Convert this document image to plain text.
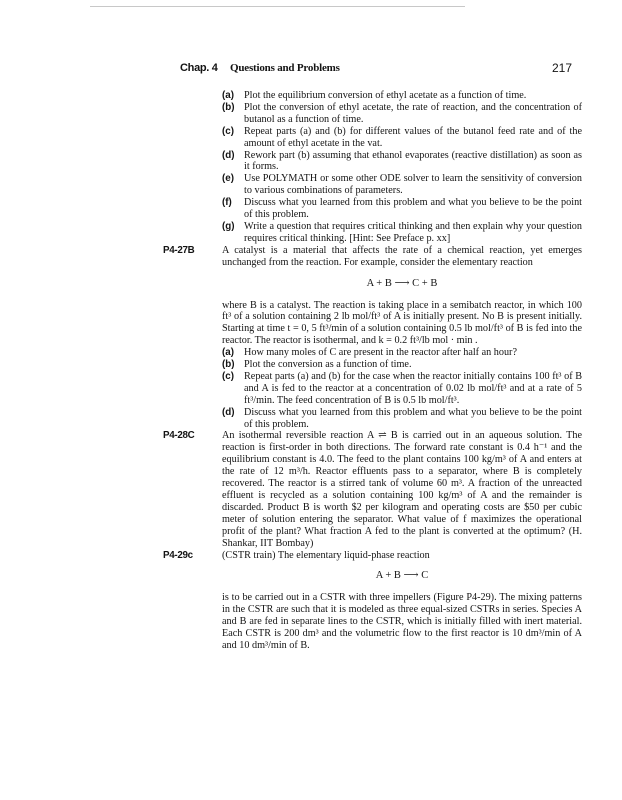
Chap. 4 Questions and Problems	217
(a) Plot the equilibrium conversion of ethyl acetate as a function of time.
(b) Plot the conversion of ethyl acetate, the rate of reaction, and the concentration of butanol as a function of time.
(c) Repeat parts (a) and (b) for different values of the butanol feed rate and of the amount of ethyl acetate in the vat.
(d) Rework part (b) assuming that ethanol evaporates (reactive distillation) as soon as it forms.
(e) Use POLYMATH or some other ODE solver to learn the sensitivity of conversion to various combinations of parameters.
(f) Discuss what you learned from this problem and what you believe to be the point of this problem.
(g) Write a question that requires critical thinking and then explain why your question requires critical thinking. [Hint: See Preface p. xx]
P4-27B	A catalyst is a material that affects the rate of a chemical reaction, yet emerges unchanged from the reaction. For example, consider the elementary reaction
A + B ⟶ C + B
where B is a catalyst. The reaction is taking place in a semibatch reactor, in which 100 ft³ of a solution containing 2 lb mol/ft³ of A is initially present. No B is present initially. Starting at time t = 0, 5 ft³/min of a solution containing 0.5 lb mol/ft³ of B is fed into the reactor. The reactor is isothermal, and k = 0.2 ft³/lb mol · min .
(a) How many moles of C are present in the reactor after half an hour?
(b) Plot the conversion as a function of time.
(c) Repeat parts (a) and (b) for the case when the reactor initially contains 100 ft³ of B and A is fed to the reactor at a concentration of 0.02 lb mol/ft³ and at a rate of 5 ft³/min. The feed concentration of B is 0.5 lb mol/ft³.
(d) Discuss what you learned from this problem and what you believe to be the point of this problem.
P4-28C	An isothermal reversible reaction A ⇌ B is carried out in an aqueous solution. The reaction is first-order in both directions. The forward rate constant is 0.4 h⁻¹ and the equilibrium constant is 4.0. The feed to the plant contains 100 kg/m³ of A and enters at the rate of 12 m³/h. Reactor effluents pass to a separator, where B is completely recovered. The reactor is a stirred tank of volume 60 m³. A fraction of the unreacted effluent is recycled as a solution containing 100 kg/m³ of A and the remainder is discarded. Product B is worth $2 per kilogram and operating costs are $50 per cubic meter of solution entering the separator. What value of f maximizes the operational profit of the plant? What fraction A fed to the plant is converted at the optimum? (H. Shankar, IIT Bombay)
P4-29c	(CSTR train) The elementary liquid-phase reaction
A + B ⟶ C
is to be carried out in a CSTR with three impellers (Figure P4-29). The mixing patterns in the CSTR are such that it is modeled as three equal-sized CSTRs in series. Species A and B are fed in separate lines to the CSTR, which is initially filled with inert material. Each CSTR is 200 dm³ and the volumetric flow to the first reactor is 10 dm³/min of A and 10 dm³/min of B.
